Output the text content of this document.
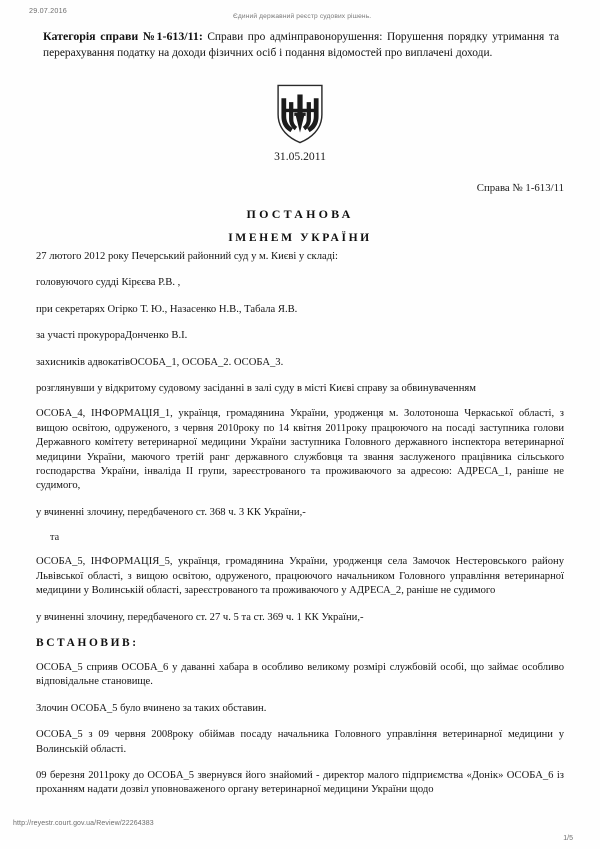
29.07.2016
Єдиний державний реєстр судових рішень.
Категорія справи №1-613/11: Справи про адмінправонорушення: Порушення порядку утримання та перерахування податку на доходи фізичних осіб і подання відомостей про виплачені доходи.
31.05.2011
Справа № 1-613/11
ПОСТАНОВА
ІМЕНЕМ УКРАЇНИ

27 лютого 2012 року Печерський районний суд у м. Києві у складі:

головуючого судді Кірєєва Р.В. ,

при секретарях Огірко Т. Ю., Назасенко Н.В., Табала Я.В.

за участі прокурораДонченко В.І.

захисників адвокатівОСОБА_1, ОСОБА_2. ОСОБА_3.

розглянувши у відкритому судовому засіданні в залі суду в місті Києві справу за обвинуваченням

ОСОБА_4, ІНФОРМАЦІЯ_1, українця, громадянина України, уродженця м. Золотоноша Черкаської області, з вищою освітою, одруженого, з червня 2010року по 14 квітня 2011року працюючого на посаді заступника голови Державного комітету ветеринарної медицини України заступника Головного державного інспектора ветеринарної медицини України, маючого третій ранг державного службовця та звання заслуженого працівника сільського господарства України, інваліда ІІ групи, зареєстрованого та проживаючого за адресою: АДРЕСА_1, раніше не судимого,

у вчиненні злочину, передбаченого ст. 368 ч. 3 КК України,-

та

ОСОБА_5, ІНФОРМАЦІЯ_5, українця, громадянина України, уродженця села Замочок Нестеровського району Львівської області, з вищою освітою, одруженого, працюючого начальником Головного управління ветеринарної медицини у Волинській області, зареєстрованого та проживаючого у АДРЕСА_2, раніше не судимого

у вчиненні злочину, передбаченого ст. 27 ч. 5 та ст. 369 ч. 1 КК України,-

ВСТАНОВИВ:

ОСОБА_5 сприяв ОСОБА_6 у даванні хабара в особливо великому розмірі службовій особі, що займає особливо відповідальне становище.

Злочин ОСОБА_5 було вчинено за таких обставин.

ОСОБА_5 з 09 червня 2008року обіймав посаду начальника Головного управління ветеринарної медицини у Волинській області.

09 березня 2011року до ОСОБА_5 звернувся його знайомий - директор малого підприємства «Донік» ОСОБА_6 із проханням надати дозвіл уповноваженого органу ветеринарної медицини України щодо

http://reyestr.court.gov.ua/Review/22264383
1/5
